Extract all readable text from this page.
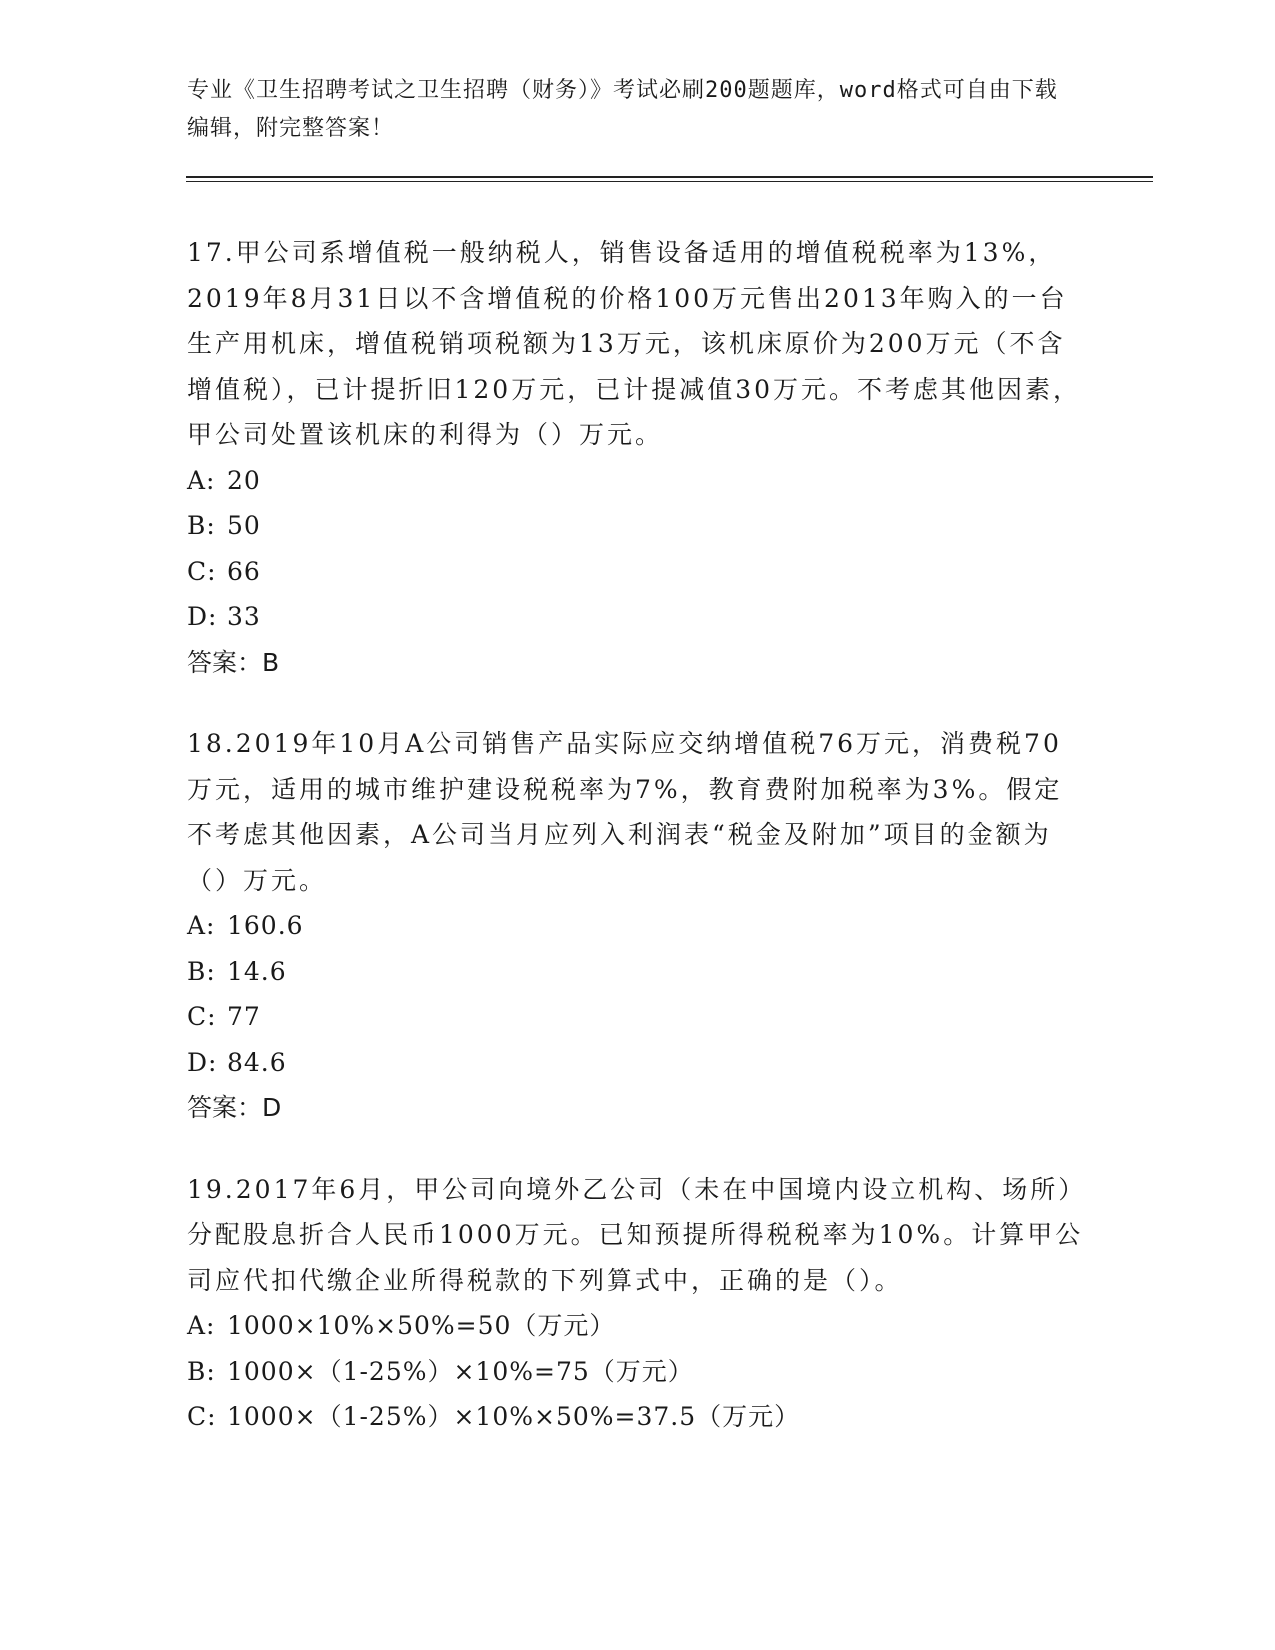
专业《卫生招聘考试之卫生招聘（财务）》考试必刷200题题库，word格式可自由下载编辑，附完整答案！

17.甲公司系增值税一般纳税人，销售设备适用的增值税税率为13%，2019年8月31日以不含增值税的价格100万元售出2013年购入的一台生产用机床，增值税销项税额为13万元，该机床原价为200万元（不含增值税），已计提折旧120万元，已计提减值30万元。不考虑其他因素，甲公司处置该机床的利得为（）万元。

A: 20

B: 50

C: 66

D: 33

答案：B

18.2019年10月A公司销售产品实际应交纳增值税76万元，消费税70万元，适用的城市维护建设税税率为7%，教育费附加税率为3%。假定不考虑其他因素，A公司当月应列入利润表“税金及附加”项目的金额为（）万元。

A: 160.6

B: 14.6

C: 77

D: 84.6

答案：D

19.2017年6月，甲公司向境外乙公司（未在中国境内设立机构、场所）分配股息折合人民币1000万元。已知预提所得税税率为10%。计算甲公司应代扣代缴企业所得税款的下列算式中，正确的是（）。

A: 1000×10%×50%=50（万元）

B: 1000×（1-25%）×10%=75（万元）

C: 1000×（1-25%）×10%×50%=37.5（万元）
